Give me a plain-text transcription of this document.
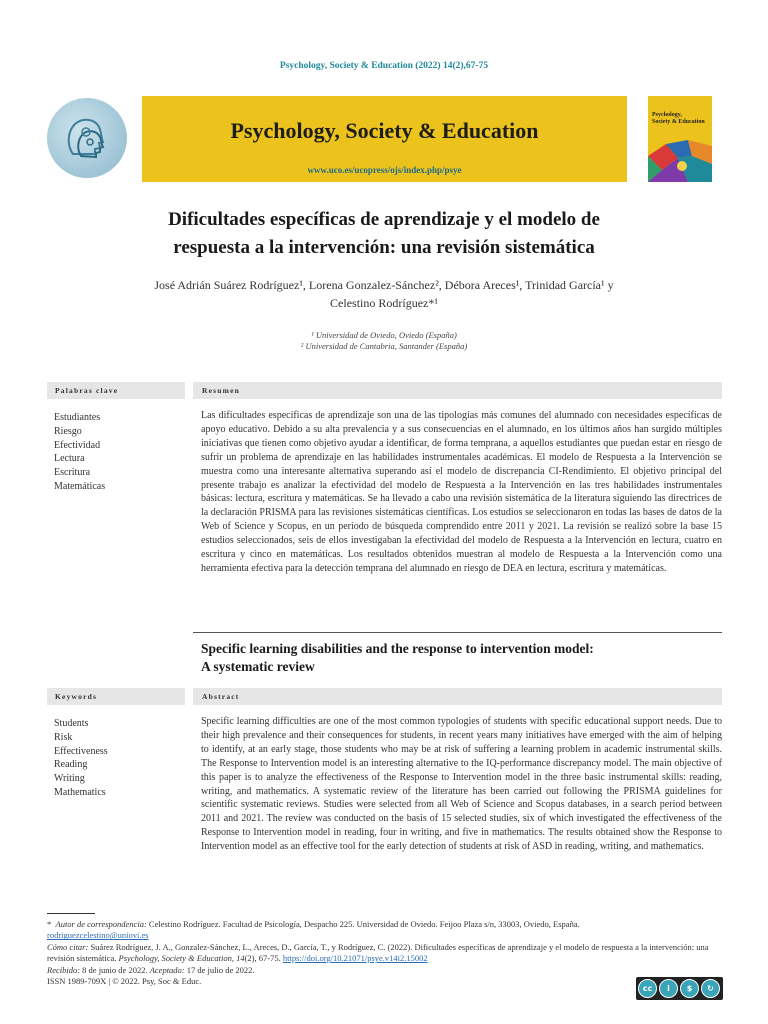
Psychology, Society & Education (2022) 14(2),67-75
Psychology, Society & Education
www.uco.es/ucopress/ojs/index.php/psye
Psychology,
Society & Education
Dificultades específicas de aprendizaje y el modelo de
respuesta a la intervención: una revisión sistemática
José Adrián Suárez Rodríguez¹, Lorena Gonzalez-Sánchez², Débora Areces¹, Trinidad García¹ y
Celestino Rodríguez*¹
¹ Universidad de Oviedo, Oviedo (España)
² Universidad de Cantabria, Santander (España)
Palabras clave	Resumen
Estudiantes
Riesgo
Efectividad
Lectura
Escritura
Matemáticas

Las dificultades específicas de aprendizaje son una de las tipologías más comunes del alumnado con necesidades específicas de apoyo educativo. Debido a su alta prevalencia y a sus consecuencias en el alumnado, en los últimos años han surgido múltiples iniciativas que tienen como objetivo ayudar a identificar, de forma temprana, a aquellos estudiantes que puedan estar en riesgo de sufrir un problema de aprendizaje en las habilidades instrumentales académicas. El modelo de Respuesta a la Intervención se muestra como una interesante alternativa superando así el modelo de discrepancia CI-Rendimiento. El objetivo principal del presente trabajo es analizar la efectividad del modelo de Respuesta a la Intervención en las tres habilidades instrumentales básicas: lectura, escritura y matemáticas. Se ha llevado a cabo una revisión sistemática de la literatura siguiendo las directrices de la declaración PRISMA para las revisiones sistemáticas científicas. Los estudios se seleccionaron en todas las bases de datos de la Web of Science y Scopus, en un período de búsqueda comprendido entre 2011 y 2021. La revisión se realizó sobre la base 15 estudios seleccionados, seis de ellos investigaban la efectividad del modelo de Respuesta a la Intervención en lectura, cuatro en escritura y cinco en matemáticas. Los resultados obtenidos muestran al modelo de Respuesta a la Intervención como una herramienta efectiva para la detección temprana del alumnado en riesgo de DEA en lectura, escritura y matemáticas.

Specific learning disabilities and the response to intervention model:
A systematic review
Keywords	Abstract
Students
Risk
Effectiveness
Reading
Writing
Mathematics

Specific learning difficulties are one of the most common typologies of students with specific educational support needs. Due to their high prevalence and their consequences for students, in recent years many initiatives have emerged with the aim of helping to identify, at an early stage, those students who may be at risk of suffering a learning problem in academic instrumental skills. The Response to Intervention model is an interesting alternative to the IQ-performance discrepancy model. The main objective of this paper is to analyze the effectiveness of the Response to Intervention model in the three basic instrumental skills: reading, writing, and mathematics. A systematic review of the literature has been carried out following the PRISMA guidelines for scientific systematic reviews. Studies were selected from all Web of Science and Scopus databases, in a search period between 2011 and 2021. The review was conducted on the basis of 15 selected studies, six of which investigated the effectiveness of the Response to Intervention model in reading, four in writing, and five in mathematics. The results obtained show the Response to Intervention model as an effective tool for the early detection of students at risk of ASD in reading, writing, and mathematics.

* Autor de correspondencia: Celestino Rodríguez. Facultad de Psicología, Despacho 225. Universidad de Oviedo. Feijoo Plaza s/n, 33003, Oviedo, España.
rodriguezcelestino@uniovi.es
Cómo citar: Suárez Rodríguez, J. A., Gonzalez-Sánchez, L., Areces, D., García, T., y Rodríguez, C. (2022). Dificultades específicas de aprendizaje y el modelo de respuesta a la intervención: una revisión sistemática. Psychology, Society & Education, 14(2), 67-75. https://doi.org/10.21071/psye.v14i2.15002
Recibido: 8 de junio de 2022. Aceptado: 17 de julio de 2022.
ISSN 1989-709X | © 2022. Psy, Soc & Educ.
cc	i	$	↻
